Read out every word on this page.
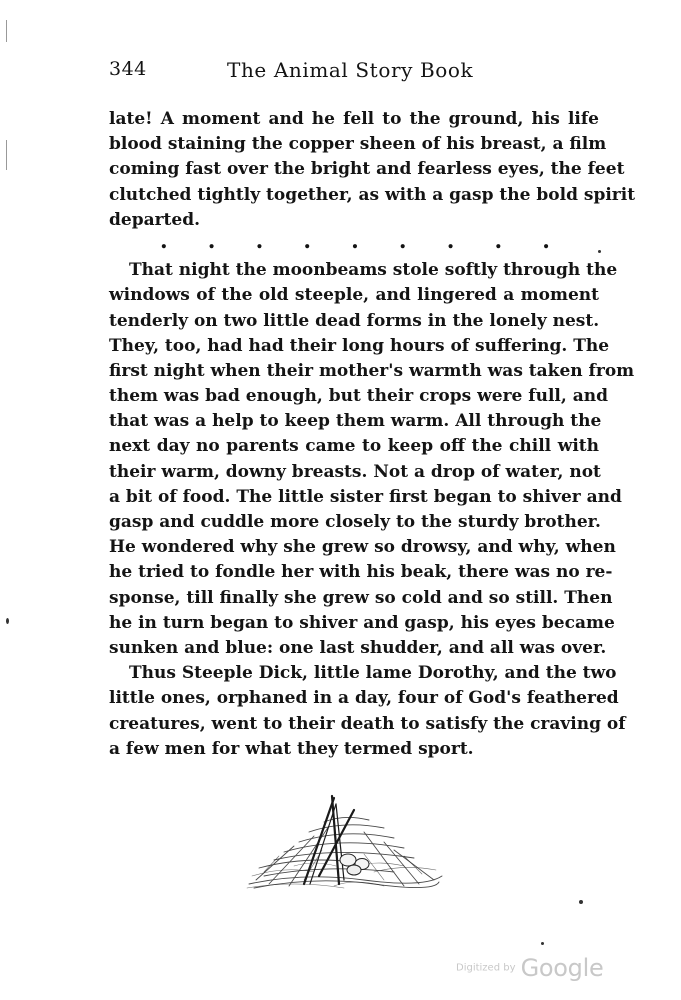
344	The Animal Story Book
late! A moment and he fell to the ground, his life
blood staining the copper sheen of his breast, a film
coming fast over the bright and fearless eyes, the feet
clutched tightly together, as with a gasp the bold spirit
departed.
That night the moonbeams stole softly through the
windows of the old steeple, and lingered a moment
tenderly on two little dead forms in the lonely nest.
They, too, had had their long hours of suffering. The
first night when their mother's warmth was taken from
them was bad enough, but their crops were full, and
that was a help to keep them warm. All through the
next day no parents came to keep off the chill with
their warm, downy breasts. Not a drop of water, not
a bit of food. The little sister first began to shiver and
gasp and cuddle more closely to the sturdy brother.
He wondered why she grew so drowsy, and why, when
he tried to fondle her with his beak, there was no re-
sponse, till finally she grew so cold and so still. Then
he in turn began to shiver and gasp, his eyes became
sunken and blue: one last shudder, and all was over.
Thus Steeple Dick, little lame Dorothy, and the two
little ones, orphaned in a day, four of God's feathered
creatures, went to their death to satisfy the craving of
a few men for what they termed sport.
. . . . . . . . .
Digitized by Google
